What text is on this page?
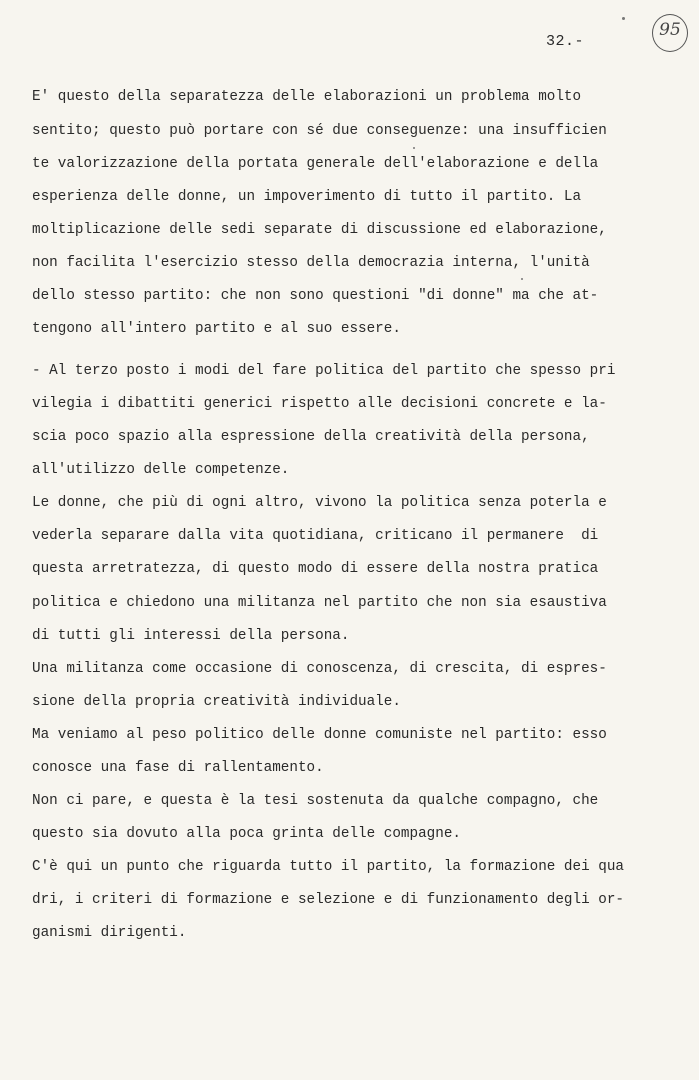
32.-
95
E' questo della separatezza delle elaborazioni un problema molto
sentito; questo può portare con sé due conseguenze: una insufficien
te valorizzazione della portata generale dell'elaborazione e della
esperienza delle donne, un impoverimento di tutto il partito. La
moltiplicazione delle sedi separate di discussione ed elaborazione,
non facilita l'esercizio stesso della democrazia interna, l'unità
dello stesso partito: che non sono questioni "di donne" ma che at-
tengono all'intero partito e al suo essere.
- Al terzo posto i modi del fare politica del partito che spesso pri
vilegia i dibattiti generici rispetto alle decisioni concrete e la-
scia poco spazio alla espressione della creatività della persona,
all'utilizzo delle competenze.
Le donne, che più di ogni altro, vivono la politica senza poterla e
vederla separare dalla vita quotidiana, criticano il permanere  di
questa arretratezza, di questo modo di essere della nostra pratica
politica e chiedono una militanza nel partito che non sia esaustiva
di tutti gli interessi della persona.
Una militanza come occasione di conoscenza, di crescita, di espres-
sione della propria creatività individuale.
Ma veniamo al peso politico delle donne comuniste nel partito: esso
conosce una fase di rallentamento.
Non ci pare, e questa è la tesi sostenuta da qualche compagno, che
questo sia dovuto alla poca grinta delle compagne.
C'è qui un punto che riguarda tutto il partito, la formazione dei qua
dri, i criteri di formazione e selezione e di funzionamento degli or-
ganismi dirigenti.
